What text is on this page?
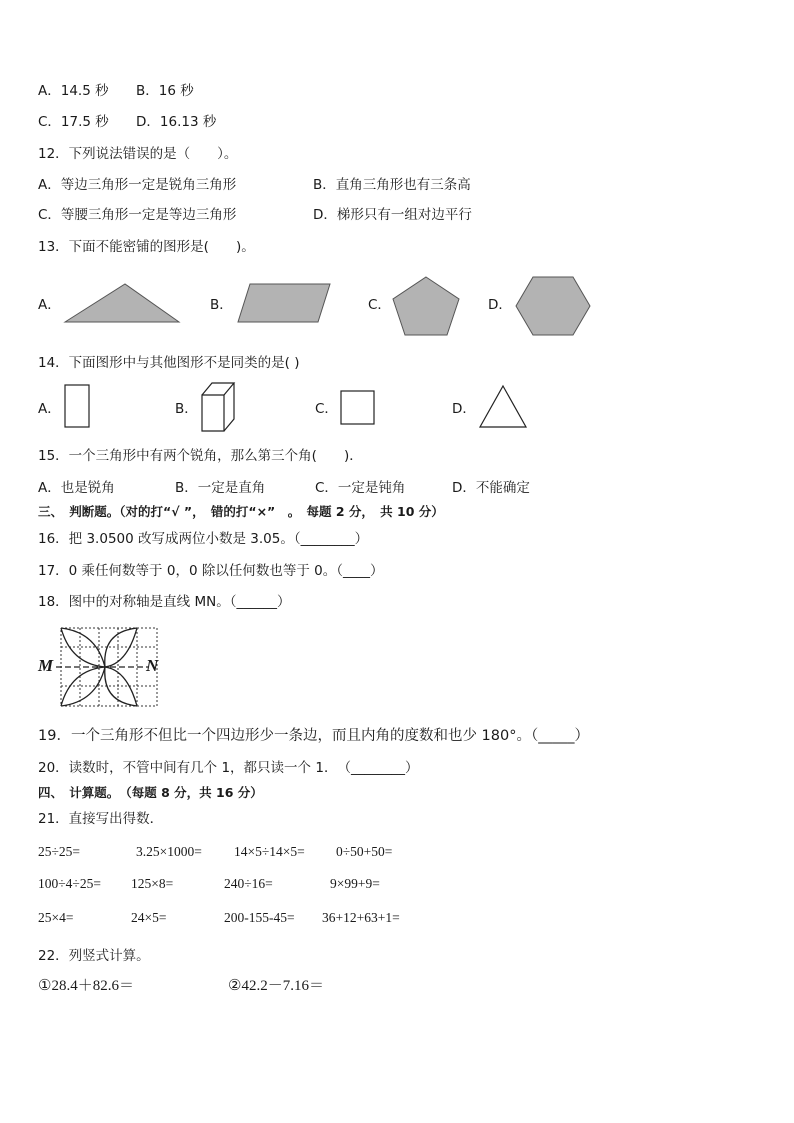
A．14.5 秒 B．16 秒
C．17.5 秒 D．16.13 秒
12．下列说法错误的是（　　）。
A．等边三角形一定是锐角三角形	B．直角三角形也有三条高
C．等腰三角形一定是等边三角形	D．梯形只有一组对边平行
13．下面不能密铺的图形是(　　)。
A．	B．	C．	D．
14．下面图形中与其他图形不是同类的是( )
A．	B．	C．	D．
15．一个三角形中有两个锐角，那么第三个角(　　)．
A．也是锐角	B．一定是直角	C．一定是钝角	D．不能确定
三、　判断题。（对的打“√ ”，　错的打“×”　。　每题 2 分，　共 10 分）
16．把 3.0500 改写成两位小数是 3.05。（________）
17．0 乘任何数等于 0，0 除以任何数也等于 0。（____）
18．图中的对称轴是直线 MN。（______）
M	N
19．一个三角形不但比一个四边形少一条边，而且内角的度数和也少 180°。（_____）
20．读数时，不管中间有几个 1，都只读一个 1．　（________）
四、　计算题。　（每题 8 分，共 16 分）
21．直接写出得数．
25÷25=	3.25×1000= 14×5÷14×5= 0÷50+50=
100÷4÷25= 125×8=	240÷16=	9×99+9=
25×4=	24×5=	200-155-45= 36+12+63+1=
22．列竖式计算。
①28.4＋82.6＝	②42.2－7.16＝
